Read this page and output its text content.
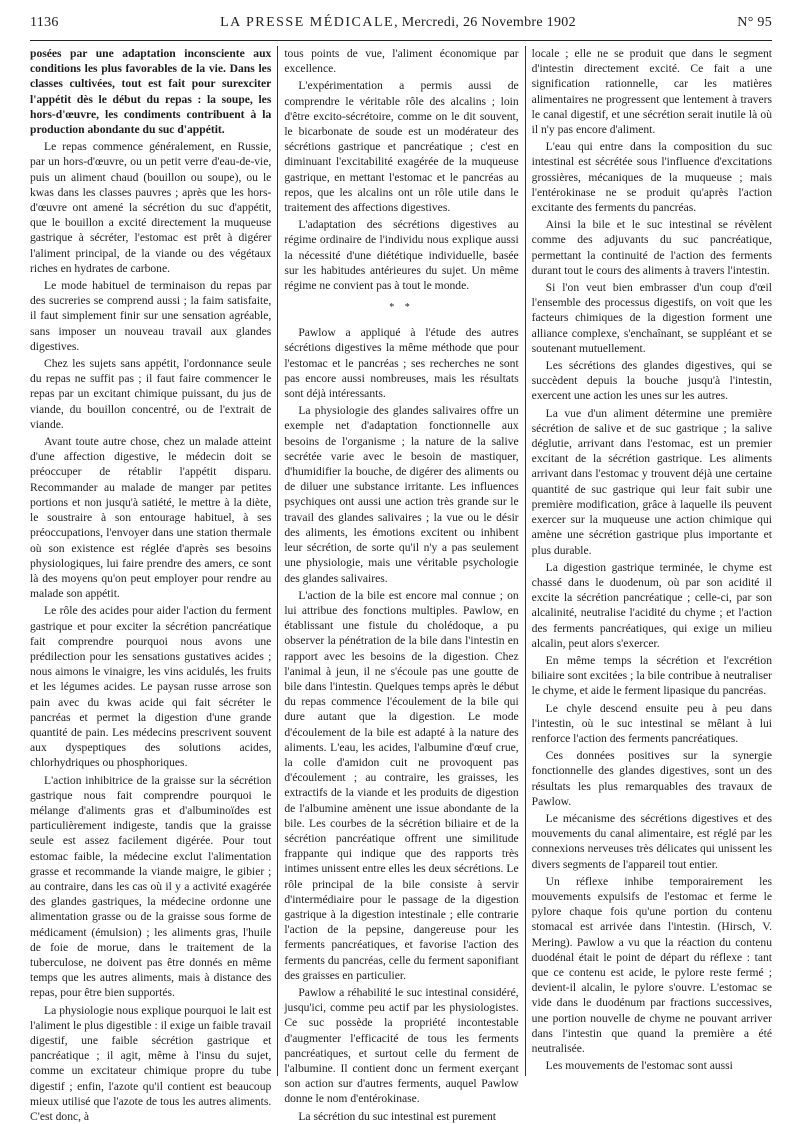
1136	LA PRESSE MÉDICALE, Mercredi, 26 Novembre 1902	N° 95

posées par une adaptation inconsciente aux conditions les plus favorables de la vie. Dans les classes cultivées, tout est fait pour surexciter l'appétit dès le début du repas : la soupe, les hors-d'œuvre, les condiments contribuent à la production abondante du suc d'appétit.

Le repas commence généralement, en Russie, par un hors-d'œuvre, ou un petit verre d'eau-de-vie, puis un aliment chaud (bouillon ou soupe), ou le kwas dans les classes pauvres ; après que les hors-d'œuvre ont amené la sécrétion du suc d'appétit, que le bouillon a excité directement la muqueuse gastrique à sécréter, l'estomac est prêt à digérer l'aliment principal, de la viande ou des végétaux riches en hydrates de carbone.

Le mode habituel de terminaison du repas par des sucreries se comprend aussi ; la faim satisfaite, il faut simplement finir sur une sensation agréable, sans imposer un nouveau travail aux glandes digestives.

Chez les sujets sans appétit, l'ordonnance seule du repas ne suffit pas ; il faut faire commencer le repas par un excitant chimique puissant, du jus de viande, du bouillon concentré, ou de l'extrait de viande.

Avant toute autre chose, chez un malade atteint d'une affection digestive, le médecin doit se préoccuper de rétablir l'appétit disparu. Recommander au malade de manger par petites portions et non jusqu'à satiété, le mettre à la diète, le soustraire à son entourage habituel, à ses préoccupations, l'envoyer dans une station thermale où son existence est réglée d'après ses besoins physiologiques, lui faire prendre des amers, ce sont là des moyens qu'on peut employer pour rendre au malade son appétit.

Le rôle des acides pour aider l'action du ferment gastrique et pour exciter la sécrétion pancréatique fait comprendre pourquoi nous avons une prédilection pour les sensations gustatives acides ; nous aimons le vinaigre, les vins acidulés, les fruits et les légumes acides. Le paysan russe arrose son pain avec du kwas acide qui fait sécréter le pancréas et permet la digestion d'une grande quantité de pain. Les médecins prescrivent souvent aux dyspeptiques des solutions acides, chlorhydriques ou phosphoriques.

L'action inhibitrice de la graisse sur la sécrétion gastrique nous fait comprendre pourquoi le mélange d'aliments gras et d'albuminoïdes est particulièrement indigeste, tandis que la graisse seule est assez facilement digérée. Pour tout estomac faible, la médecine exclut l'alimentation grasse et recommande la viande maigre, le gibier ; au contraire, dans les cas où il y a activité exagérée des glandes gastriques, la médecine ordonne une alimentation grasse ou de la graisse sous forme de médicament (émulsion) ; les aliments gras, l'huile de foie de morue, dans le traitement de la tuberculose, ne doivent pas être donnés en même temps que les autres aliments, mais à distance des repas, pour être bien supportés.

La physiologie nous explique pourquoi le lait est l'aliment le plus digestible : il exige un faible travail digestif, une faible sécrétion gastrique et pancréatique ; il agit, même à l'insu du sujet, comme un excitateur chimique propre du tube digestif ; enfin, l'azote qu'il contient est beaucoup mieux utilisé que l'azote de tous les autres aliments. C'est donc, à

tous points de vue, l'aliment économique par excellence.

L'expérimentation a permis aussi de comprendre le véritable rôle des alcalins ; loin d'être excito-sécrétoire, comme on le dit souvent, le bicarbonate de soude est un modérateur des sécrétions gastrique et pancréatique ; c'est en diminuant l'excitabilité exagérée de la muqueuse gastrique, en mettant l'estomac et le pancréas au repos, que les alcalins ont un rôle utile dans le traitement des affections digestives.

L'adaptation des sécrétions digestives au régime ordinaire de l'individu nous explique aussi la nécessité d'une diététique individuelle, basée sur les habitudes antérieures du sujet. Un même régime ne convient pas à tout le monde.

* *

Pawlow a appliqué à l'étude des autres sécrétions digestives la même méthode que pour l'estomac et le pancréas ; ses recherches ne sont pas encore aussi nombreuses, mais les résultats sont déjà intéressants.

La physiologie des glandes salivaires offre un exemple net d'adaptation fonctionnelle aux besoins de l'organisme ; la nature de la salive secrétée varie avec le besoin de mastiquer, d'humidifier la bouche, de digérer des aliments ou de diluer une substance irritante. Les influences psychiques ont aussi une action très grande sur le travail des glandes salivaires ; la vue ou le désir des aliments, les émotions excitent ou inhibent leur sécrétion, de sorte qu'il n'y a pas seulement une physiologie, mais une véritable psychologie des glandes salivaires.

L'action de la bile est encore mal connue ; on lui attribue des fonctions multiples. Pawlow, en établissant une fistule du cholédoque, a pu observer la pénétration de la bile dans l'intestin en rapport avec les besoins de la digestion. Chez l'animal à jeun, il ne s'écoule pas une goutte de bile dans l'intestin. Quelques temps après le début du repas commence l'écoulement de la bile qui dure autant que la digestion. Le mode d'écoulement de la bile est adapté à la nature des aliments. L'eau, les acides, l'albumine d'œuf crue, la colle d'amidon cuit ne provoquent pas d'écoulement ; au contraire, les graisses, les extractifs de la viande et les produits de digestion de l'albumine amènent une issue abondante de la bile. Les courbes de la sécrétion biliaire et de la sécrétion pancréatique offrent une similitude frappante qui indique que des rapports très intimes unissent entre elles les deux sécrétions. Le rôle principal de la bile consiste à servir d'intermédiaire pour le passage de la digestion gastrique à la digestion intestinale ; elle contrarie l'action de la pepsine, dangereuse pour les ferments pancréatiques, et favorise l'action des ferments du pancréas, celle du ferment saponifiant des graisses en particulier.

Pawlow a réhabilité le suc intestinal considéré, jusqu'ici, comme peu actif par les physiologistes. Ce suc possède la propriété incontestable d'augmenter l'efficacité de tous les ferments pancréatiques, et surtout celle du ferment de l'albumine. Il contient donc un ferment exerçant son action sur d'autres ferments, auquel Pawlow donne le nom d'entérokinase.

La sécrétion du suc intestinal est purement

locale ; elle ne se produit que dans le segment d'intestin directement excité. Ce fait a une signification rationnelle, car les matières alimentaires ne progressent que lentement à travers le canal digestif, et une sécrétion serait inutile là où il n'y pas encore d'aliment.

L'eau qui entre dans la composition du suc intestinal est sécrétée sous l'influence d'excitations grossières, mécaniques de la muqueuse ; mais l'entérokinase ne se produit qu'après l'action excitante des ferments du pancréas.

Ainsi la bile et le suc intestinal se révèlent comme des adjuvants du suc pancréatique, permettant la continuité de l'action des ferments durant tout le cours des aliments à travers l'intestin.

Si l'on veut bien embrasser d'un coup d'œil l'ensemble des processus digestifs, on voit que les facteurs chimiques de la digestion forment une alliance complexe, s'enchaînant, se suppléant et se soutenant mutuellement.

Les sécrétions des glandes digestives, qui se succèdent depuis la bouche jusqu'à l'intestin, exercent une action les unes sur les autres.

La vue d'un aliment détermine une première sécrétion de salive et de suc gastrique ; la salive déglutie, arrivant dans l'estomac, est un premier excitant de la sécrétion gastrique. Les aliments arrivant dans l'estomac y trouvent déjà une certaine quantité de suc gastrique qui leur fait subir une première modification, grâce à laquelle ils peuvent exercer sur la muqueuse une action chimique qui amène une sécrétion gastrique plus importante et plus durable.

La digestion gastrique terminée, le chyme est chassé dans le duodenum, où par son acidité il excite la sécrétion pancréatique ; celle-ci, par son alcalinité, neutralise l'acidité du chyme ; et l'action des ferments pancréatiques, qui exige un milieu alcalin, peut alors s'exercer.

En même temps la sécrétion et l'excrétion biliaire sont excitées ; la bile contribue à neutraliser le chyme, et aide le ferment lipasique du pancréas.

Le chyle descend ensuite peu à peu dans l'intestin, où le suc intestinal se mêlant à lui renforce l'action des ferments pancréatiques.

Ces données positives sur la synergie fonctionnelle des glandes digestives, sont un des résultats les plus remarquables des travaux de Pawlow.

Le mécanisme des sécrétions digestives et des mouvements du canal alimentaire, est réglé par les connexions nerveuses très délicates qui unissent les divers segments de l'appareil tout entier.

Un réflexe inhibe temporairement les mouvements expulsifs de l'estomac et ferme le pylore chaque fois qu'une portion du contenu stomacal est arrivée dans l'intestin. (Hirsch, V. Mering). Pawlow a vu que la réaction du contenu duodénal était le point de départ du réflexe : tant que ce contenu est acide, le pylore reste fermé ; devient-il alcalin, le pylore s'ouvre. L'estomac se vide dans le duodénum par fractions successives, une portion nouvelle de chyme ne pouvant arriver dans l'intestin que quand la première a été neutralisée.

Les mouvements de l'estomac sont aussi
